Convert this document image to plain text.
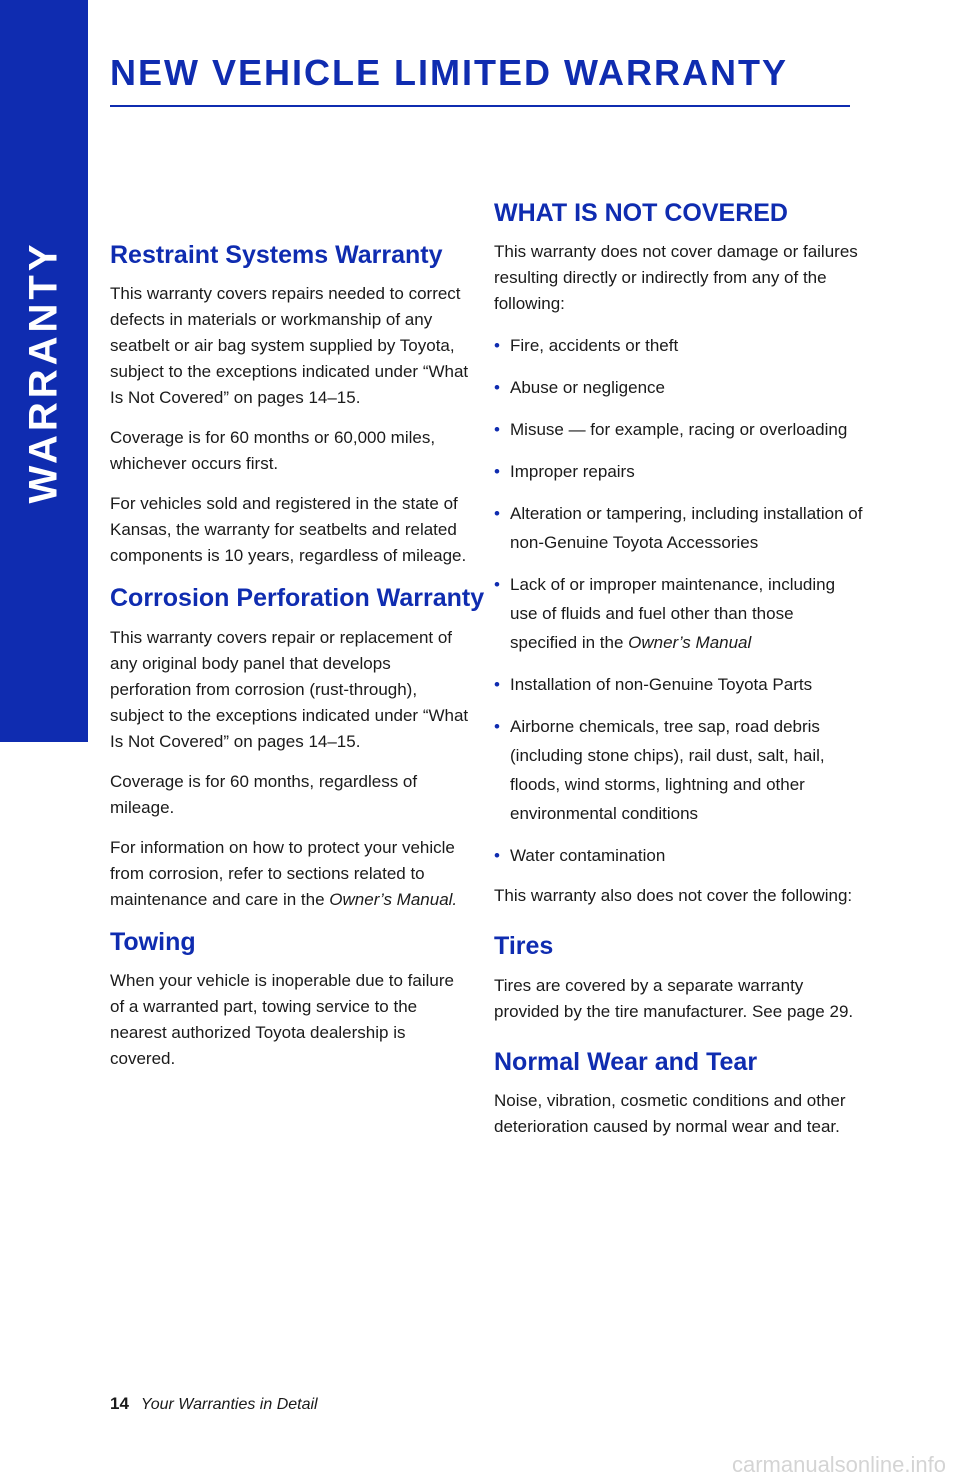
WARRANTY
NEW VEHICLE LIMITED WARRANTY
Restraint Systems Warranty

This warranty covers repairs needed to correct defects in materials or workmanship of any seatbelt or air bag system supplied by Toyota, subject to the exceptions indicated under “What Is Not Covered” on pages 14–15.

Coverage is for 60 months or 60,000 miles, whichever occurs first.

For vehicles sold and registered in the state of Kansas, the warranty for seatbelts and related components is 10 years, regardless of mileage.

Corrosion Perforation Warranty

This warranty covers repair or replacement of any original body panel that develops perforation from corrosion (rust-through), subject to the exceptions indicated under “What Is Not Covered” on pages 14–15.

Coverage is for 60 months, regardless of mileage.

For information on how to protect your vehicle from corrosion, refer to sections related to maintenance and care in the Owner’s Manual.

Towing

When your vehicle is inoperable due to failure of a warranted part, towing service to the nearest authorized Toyota dealership is covered.

WHAT IS NOT COVERED

This warranty does not cover damage or failures resulting directly or indirectly from any of the following:

• Fire, accidents or theft
• Abuse or negligence
• Misuse — for example, racing or overloading
• Improper repairs
• Alteration or tampering, including installation of non-Genuine Toyota Accessories
• Lack of or improper maintenance, including use of fluids and fuel other than those specified in the Owner’s Manual
• Installation of non-Genuine Toyota Parts
• Airborne chemicals, tree sap, road debris (including stone chips), rail dust, salt, hail, floods, wind storms, lightning and other environmental conditions
• Water contamination

This warranty also does not cover the following:

Tires

Tires are covered by a separate warranty provided by the tire manufacturer. See page 29.

Normal Wear and Tear

Noise, vibration, cosmetic conditions and other deterioration caused by normal wear and tear.

14 Your Warranties in Detail
carmanualsonline.info
